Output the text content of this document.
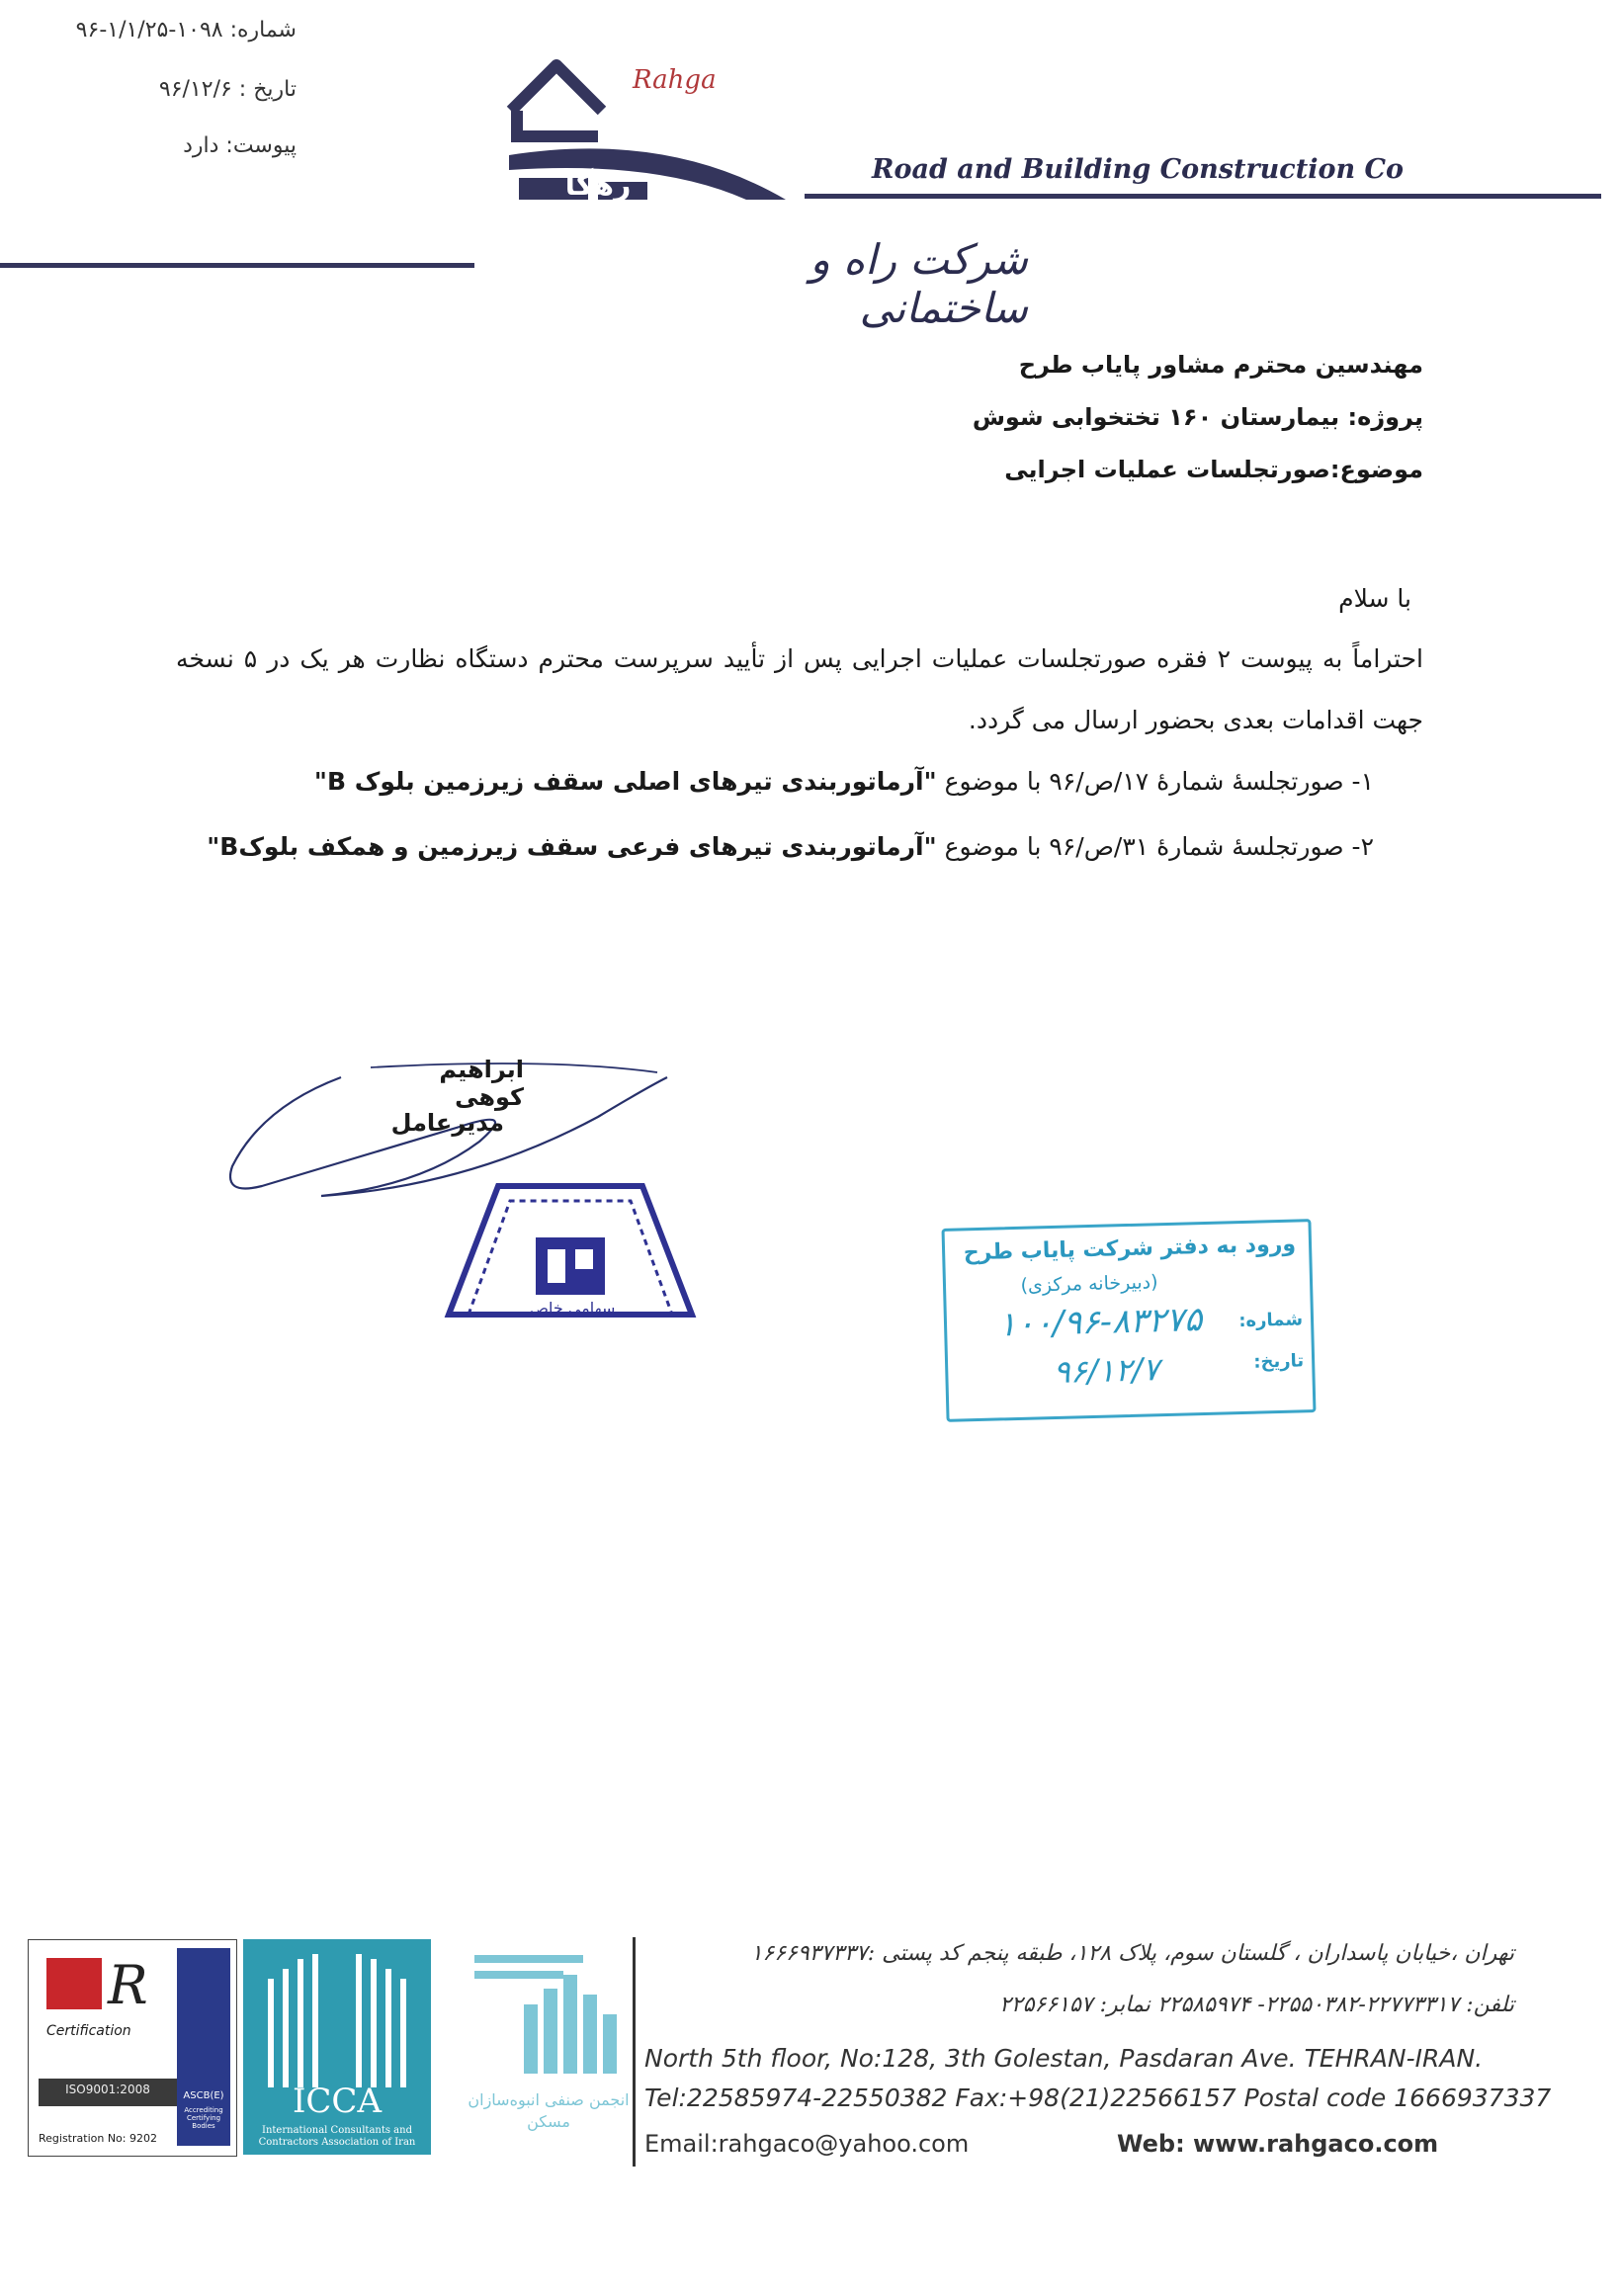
شماره: ۱۰۹۸-۱/۱/۲۵-۹۶
تاریخ : ۹۶/۱۲/۶
پیوست: دارد
رهگا
Rahga
Road and Building Construction Co
شرکت راه و ساختمانی
مهندسین محترم مشاور پایاب طرح
پروژه: بیمارستان ۱۶۰ تختخوابی شوش
موضوع:صورتجلسات عملیات اجرایی
با سلام
احتراماً به پیوست ۲ فقره صورتجلسات عملیات اجرایی پس از تأیید سرپرست محترم دستگاه نظارت هر یک در ۵ نسخه جهت اقدامات بعدی بحضور ارسال می گردد.
۱- صورتجلسهٔ شمارهٔ ۱۷/ص/۹۶ با موضوع "آرماتوربندی تیرهای اصلی سقف زیرزمین بلوک B"
۲- صورتجلسهٔ شمارهٔ ۳۱/ص/۹۶ با موضوع "آرماتوربندی تیرهای فرعی سقف زیرزمین و همکف بلوکB"
ابراهیم کوهی
مدیرعامل
سهامی خاص
ورود به دفتر شرکت پایاب طرح
(دبیرخانه مرکزی)
شماره:
۱۰۰/۹۶-۸۳۲۷۵
تاریخ:
۹۶/۱۲/۷
R
Certification
ISO9001:2008
Registration No: 9202
ASCB(E)
Accrediting Certifying Bodies
ICCA
International Consultants and Contractors Association of Iran
انجمن صنفی انبوه‌سازان مسکن
تهران ،خیابان پاسداران ، گلستان سوم، پلاک ۱۲۸، طبقه پنجم کد پستی :۱۶۶۶۹۳۷۳۳۷
تلفن: ۲۲۷۷۳۳۱۷-۲۲۵۵۰۳۸۲- ۲۲۵۸۵۹۷۴ نمابر: ۲۲۵۶۶۱۵۷
North 5th floor, No:128, 3th Golestan, Pasdaran Ave. TEHRAN-IRAN.
Tel:22585974-22550382 Fax:+98(21)22566157 Postal code 1666937337
Email:rahgaco@yahoo.com	Web: www.rahgaco.com
